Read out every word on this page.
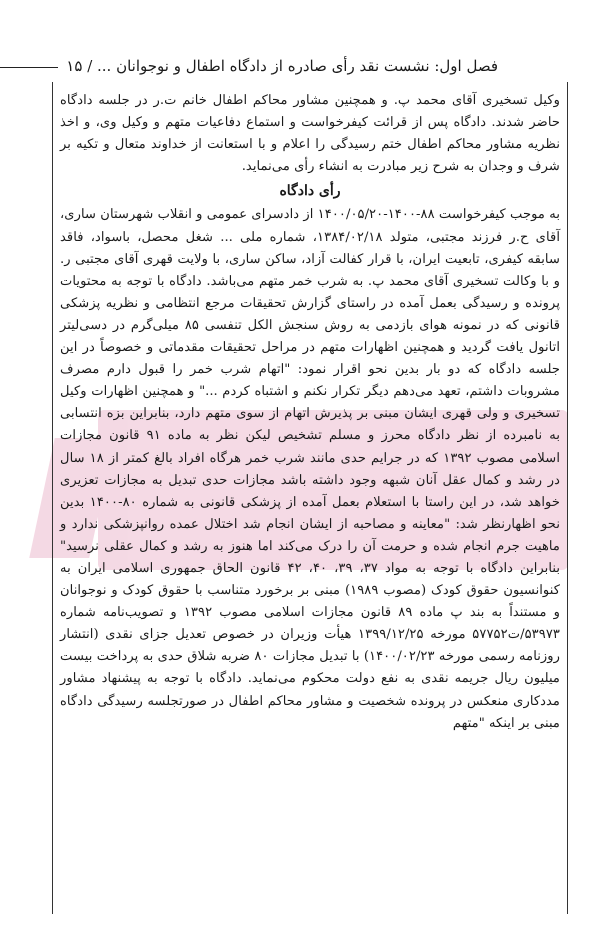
فصل اول: نشست نقد رأی صادره از دادگاه اطفال و نوجوانان ... / ۱۵

وکیل تسخیری آقای محمد پ. و همچنین مشاور محاکم اطفال خانم ت.ر در جلسه دادگاه حاضر شدند. دادگاه پس از قرائت کیفرخواست و استماع دفاعیات متهم و وکیل وی، و اخذ نظریه مشاور محاکم اطفال ختم رسیدگی را اعلام و با استعانت از خداوند متعال و تکیه بر شرف و وجدان به شرح زیر مبادرت به انشاء رأی می‌نماید.

رأی دادگاه

به موجب کیفرخواست ۸۸-۱۴۰۰-۱۴۰۰/۰۵/۲۰ از دادسرای عمومی و انقلاب شهرستان ساری، آقای ح.ر فرزند مجتبی، متولد ۱۳۸۴/۰۲/۱۸، شماره ملی ... شغل محصل، باسواد، فاقد سابقه کیفری، تابعیت ایران، با قرار کفالت آزاد، ساکن ساری، با ولایت قهری آقای مجتبی ر. و با وکالت تسخیری آقای محمد پ. به شرب خمر متهم می‌باشد. دادگاه با توجه به محتویات پرونده و رسیدگی بعمل آمده در راستای گزارش تحقیقات مرجع انتظامی و نظریه پزشکی قانونی که در نمونه هوای بازدمی به روش سنجش الکل تنفسی ۸۵ میلی‌گرم در دسی‌لیتر اتانول یافت گردید و همچنین اظهارات متهم در مراحل تحقیقات مقدماتی و خصوصاً در این جلسه دادگاه که دو بار بدین نحو اقرار نمود: "اتهام شرب خمر را قبول دارم مصرف مشروبات داشتم، تعهد می‌دهم دیگر تکرار نکنم و اشتباه کردم ..." و همچنین اظهارات وکیل تسخیری و ولی قهری ایشان مبنی بر پذیرش اتهام از سوی متهم دارد، بنابراین بزه انتسابی به نامبرده از نظر دادگاه محرز و مسلم تشخیص لیکن نظر به ماده ۹۱ قانون مجازات اسلامی مصوب ۱۳۹۲ که در جرایم حدی مانند شرب خمر هرگاه افراد بالغ کمتر از ۱۸ سال در رشد و کمال عقل آنان شبهه وجود داشته باشد مجازات حدی تبدیل به مجازات تعزیری خواهد شد، در این راستا با استعلام بعمل آمده از پزشکی قانونی به شماره ۸۰-۱۴۰۰ بدین نحو اظهارنظر شد: "معاینه و مصاحبه از ایشان انجام شد اختلال عمده روانپزشکی ندارد و ماهیت جرم انجام شده و حرمت آن را درک می‌کند اما هنوز به رشد و کمال عقلی نرسید" بنابراین دادگاه با توجه به مواد ۳۷، ۳۹، ۴۰، ۴۲ قانون الحاق جمهوری اسلامی ایران به کنوانسیون حقوق کودک (مصوب ۱۹۸۹) مبنی بر برخورد متناسب با حقوق کودک و نوجوانان و مستنداً به بند پ ماده ۸۹ قانون مجازات اسلامی مصوب ۱۳۹۲ و تصویب‌نامه شماره ۵۳۹۷۳/ت۵۷۷۵۲ مورخه ۱۳۹۹/۱۲/۲۵ هیأت وزیران در خصوص تعدیل جزای نقدی (انتشار روزنامه رسمی مورخه ۱۴۰۰/۰۲/۲۳) با تبدیل مجازات ۸۰ ضربه شلاق حدی به پرداخت بیست میلیون ریال جریمه نقدی به نفع دولت محکوم می‌نماید. دادگاه با توجه به پیشنهاد مشاور مددکاری منعکس در پرونده شخصیت و مشاور محاکم اطفال در صورتجلسه رسیدگی دادگاه مبنی بر اینکه "متهم
